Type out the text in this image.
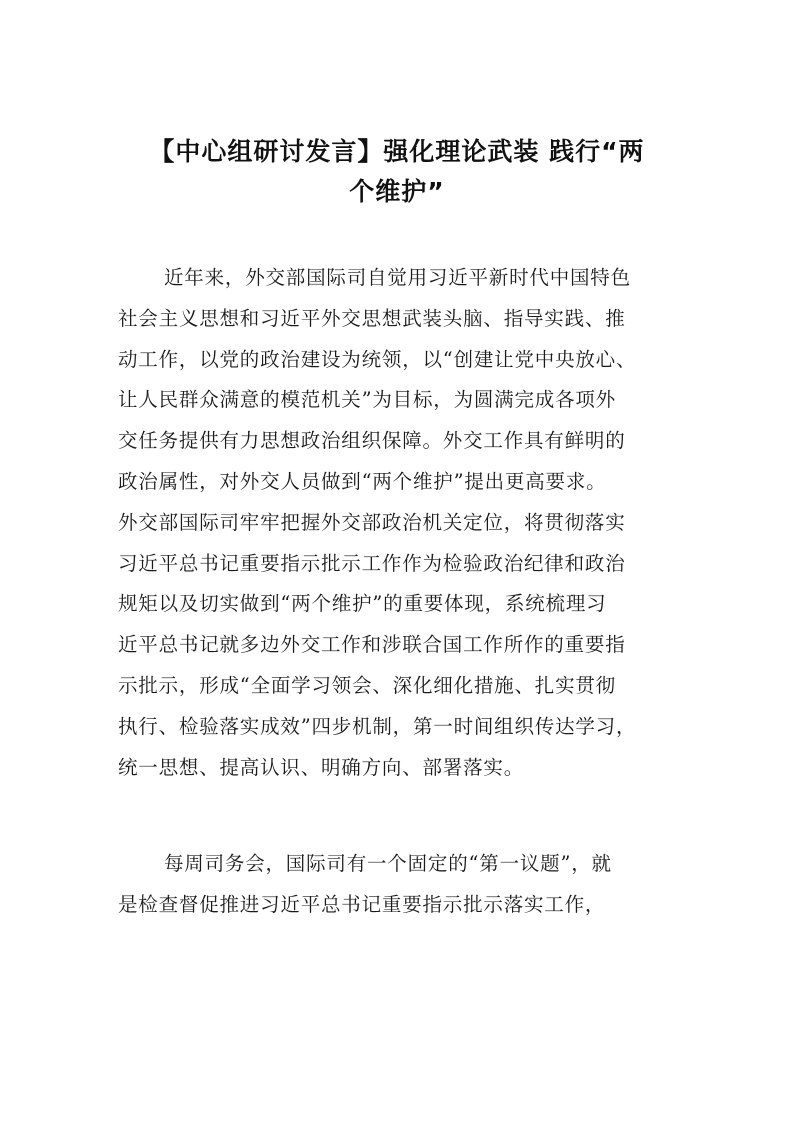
【中心组研讨发言】强化理论武装 践行“两
个维护”
近年来，外交部国际司自觉用习近平新时代中国特色
社会主义思想和习近平外交思想武装头脑、指导实践、推
动工作，以党的政治建设为统领，以“创建让党中央放心、
让人民群众满意的模范机关”为目标，为圆满完成各项外
交任务提供有力思想政治组织保障。外交工作具有鲜明的
政治属性，对外交人员做到“两个维护”提出更高要求。
外交部国际司牢牢把握外交部政治机关定位，将贯彻落实
习近平总书记重要指示批示工作作为检验政治纪律和政治
规矩以及切实做到“两个维护”的重要体现，系统梳理习
近平总书记就多边外交工作和涉联合国工作所作的重要指
示批示，形成“全面学习领会、深化细化措施、扎实贯彻
执行、检验落实成效”四步机制，第一时间组织传达学习，
统一思想、提高认识、明确方向、部署落实。
每周司务会，国际司有一个固定的“第一议题”，就
是检查督促推进习近平总书记重要指示批示落实工作，
